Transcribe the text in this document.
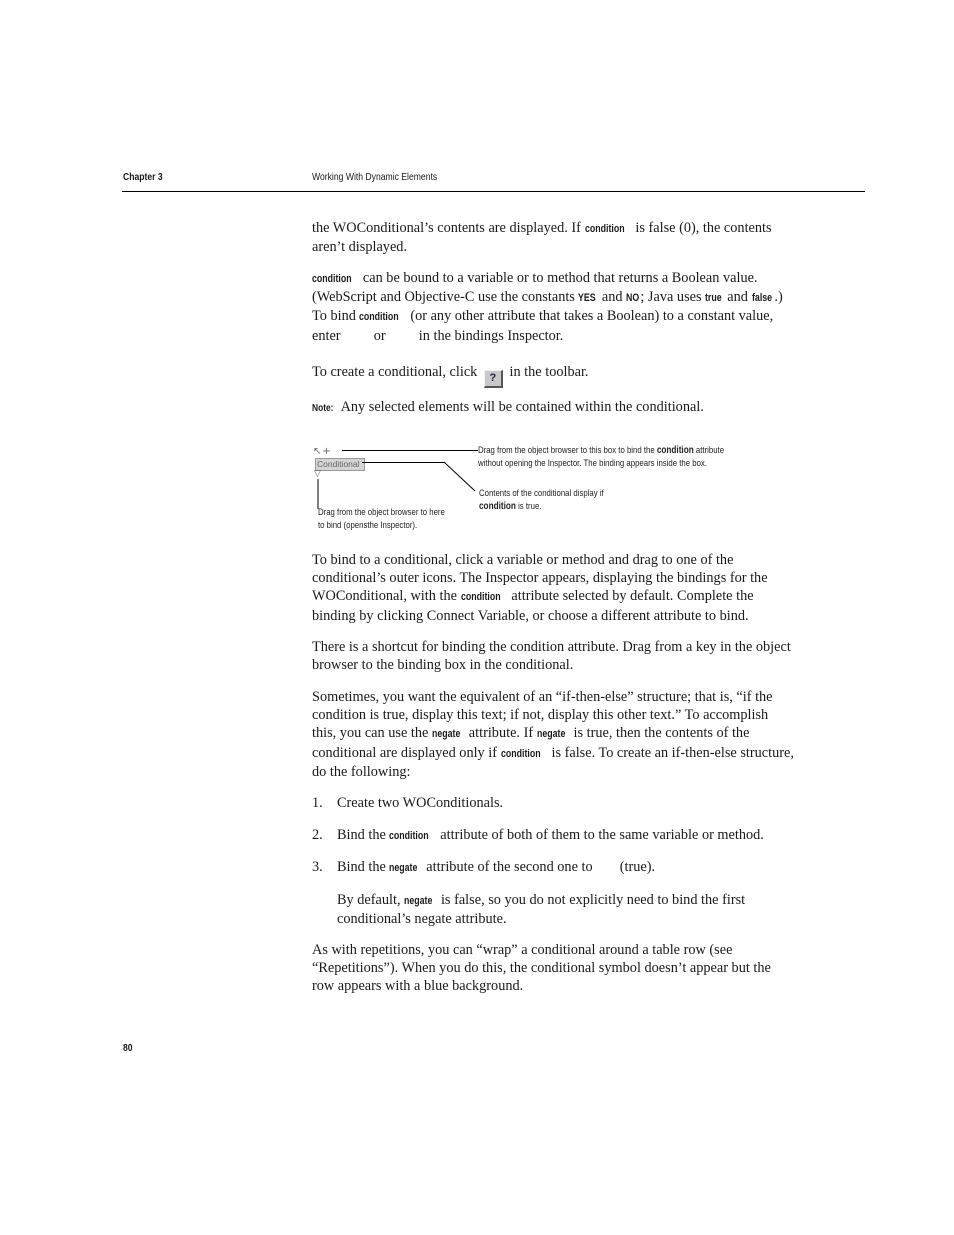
Chapter 3	Working With Dynamic Elements

the WOConditional’s contents are displayed. If condition is false (0), the contents aren’t displayed.

condition can be bound to a variable or to method that returns a Boolean value. (WebScript and Objective-C use the constants YES and NO; Java uses true and false .) To bind condition (or any other attribute that takes a Boolean) to a constant value, enter  or  in the bindings Inspector.

To create a conditional, click ? in the toolbar.

Note: Any selected elements will be contained within the conditional.

↖+
Conditional
▽
Drag from the object browser to this box to bind the condition attribute
without opening the Inspector. The binding appears inside the box.
Contents of the conditional display if
condition is true.
Drag from the object browser to here
to bind (opensthe Inspector).

To bind to a conditional, click a variable or method and drag to one of the conditional’s outer icons. The Inspector appears, displaying the bindings for the WOConditional, with the condition attribute selected by default. Complete the binding by clicking Connect Variable, or choose a different attribute to bind.

There is a shortcut for binding the condition attribute. Drag from a key in the object browser to the binding box in the conditional.

Sometimes, you want the equivalent of an “if-then-else” structure; that is, “if the condition is true, display this text; if not, display this other text.” To accomplish this, you can use the negate attribute. If negate is true, then the contents of the conditional are displayed only if condition is false. To create an if-then-else structure, do the following:

1. Create two WOConditionals.

2. Bind the condition attribute of both of them to the same variable or method.

3. Bind the negate attribute of the second one to  (true).

By default, negate is false, so you do not explicitly need to bind the first conditional’s negate attribute.

As with repetitions, you can “wrap” a conditional around a table row (see “Repetitions”). When you do this, the conditional symbol doesn’t appear but the row appears with a blue background.

80
